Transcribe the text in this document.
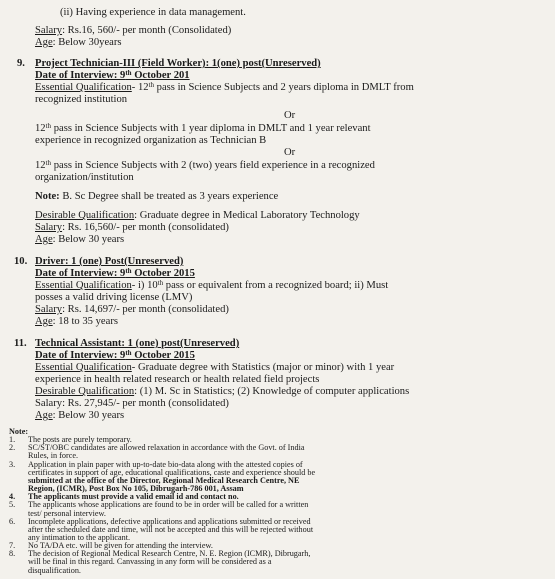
(ii) Having experience in data management.
Salary: Rs.16, 560/- per month (Consolidated)
Age: Below 30years
9. Project Technician-III (Field Worker): 1(one) post(Unreserved)
Date of Interview: 9th October 201
Essential Qualification- 12th pass in Science Subjects and 2 years diploma in DMLT from
recognized institution
Or
12th pass in Science Subjects with 1 year diploma in DMLT and 1 year relevant
experience in recognized organization as Technician B
Or
12th pass in Science Subjects with 2 (two) years field experience in a recognized
organization/institution
Note: B. Sc Degree shall be treated as 3 years experience
Desirable Qualification: Graduate degree in Medical Laboratory Technology
Salary: Rs. 16,560/- per month (consolidated)
Age: Below 30 years
10. Driver: 1 (one) Post(Unreserved)
Date of Interview: 9th October 2015
Essential Qualification- i) 10th pass or equivalent from a recognized board; ii) Must
posses a valid driving license (LMV)
Salary: Rs. 14,697/- per month (consolidated)
Age: 18 to 35 years
11. Technical Assistant: 1 (one) post(Unreserved)
Date of Interview: 9th October 2015
Essential Qualification- Graduate degree with Statistics (major or minor) with 1 year
experience in health related research or health related field projects
Desirable Qualification: (1) M. Sc in Statistics; (2) Knowledge of computer applications
Salary: Rs. 27,945/- per month (consolidated)
Age: Below 30 years
Note:
1. The posts are purely temporary.
2. SC/ST/OBC candidates are allowed relaxation in accordance with the Govt. of India
Rules, in force.
3. Application in plain paper with up-to-date bio-data along with the attested copies of
certificates in support of age, educational qualifications, caste and experience should be
submitted at the office of the Director, Regional Medical Research Centre, NE
Region, (ICMR), Post Box No 105, Dibrugarh-786 001, Assam
4. The applicants must provide a valid email id and contact no.
5. The applicants whose applications are found to be in order will be called for a written
test/ personal interview.
6. Incomplete applications, defective applications and applications submitted or received
after the scheduled date and time, will not be accepted and this will be rejected without
any intimation to the applicant.
7. No TA/DA etc. will be given for attending the interview.
8. The decision of Regional Medical Research Centre, N. E. Region (ICMR), Dibrugarh,
will be final in this regard. Canvassing in any form will be considered as a
disqualification.
